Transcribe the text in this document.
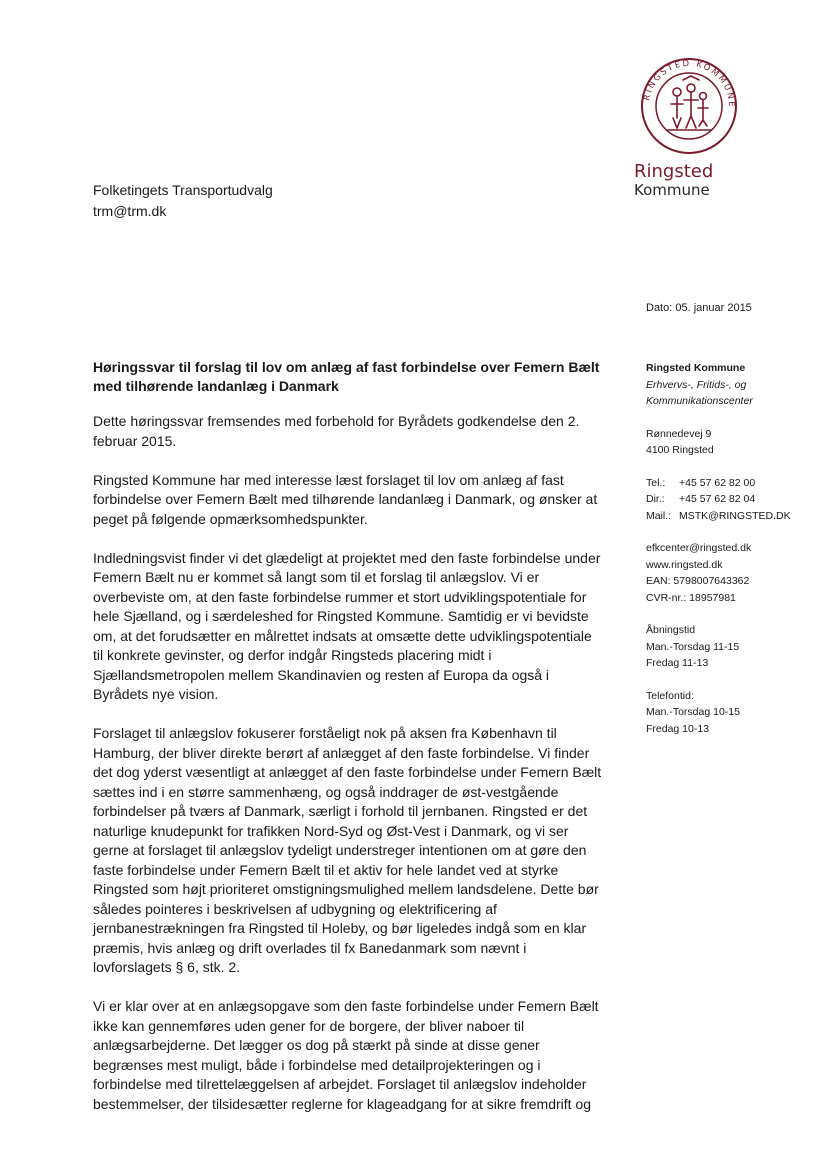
RINGSTED KOMMUNE
Ringsted
Kommune
Folketingets Transportudvalg
trm@trm.dk
Dato: 05. januar 2015
Høringssvar til forslag til lov om anlæg af fast forbindelse over Femern Bælt med tilhørende landanlæg i Danmark

Dette høringssvar fremsendes med forbehold for Byrådets godkendelse den 2. februar 2015.

Ringsted Kommune har med interesse læst forslaget til lov om anlæg af fast forbindelse over Femern Bælt med tilhørende landanlæg i Danmark, og ønsker at peget på følgende opmærksomhedspunkter.

Indledningsvist finder vi det glædeligt at projektet med den faste forbindelse under Femern Bælt nu er kommet så langt som til et forslag til anlægslov. Vi er overbeviste om, at den faste forbindelse rummer et stort udviklingspotentiale for hele Sjælland, og i særdeleshed for Ringsted Kommune. Samtidig er vi bevidste om, at det forudsætter en målrettet indsats at omsætte dette udviklingspotentiale til konkrete gevinster, og derfor indgår Ringsteds placering midt i Sjællandsmetropolen mellem Skandinavien og resten af Europa da også i Byrådets nye vision.

Forslaget til anlægslov fokuserer forståeligt nok på aksen fra København til Hamburg, der bliver direkte berørt af anlægget af den faste forbindelse. Vi finder det dog yderst væsentligt at anlægget af den faste forbindelse under Femern Bælt sættes ind i en større sammenhæng, og også inddrager de øst-vestgående forbindelser på tværs af Danmark, særligt i forhold til jernbanen. Ringsted er det naturlige knudepunkt for trafikken Nord-Syd og Øst-Vest i Danmark, og vi ser gerne at forslaget til anlægslov tydeligt understreger intentionen om at gøre den faste forbindelse under Femern Bælt til et aktiv for hele landet ved at styrke Ringsted som højt prioriteret omstigningsmulighed mellem landsdelene. Dette bør således pointeres i beskrivelsen af udbygning og elektrificering af jernbanestrækningen fra Ringsted til Holeby, og bør ligeledes indgå som en klar præmis, hvis anlæg og drift overlades til fx Banedanmark som nævnt i lovforslagets § 6, stk. 2.

Vi er klar over at en anlægsopgave som den faste forbindelse under Femern Bælt ikke kan gennemføres uden gener for de borgere, der bliver naboer til anlægsarbejderne. Det lægger os dog på stærkt på sinde at disse gener begrænses mest muligt, både i forbindelse med detailprojekteringen og i forbindelse med tilrettelæggelsen af arbejdet. Forslaget til anlægslov indeholder bestemmelser, der tilsidesætter reglerne for klageadgang for at sikre fremdrift og

Ringsted Kommune
Erhvervs-, Fritids-, og
Kommunikationscenter
Rønnedevej 9
4100 Ringsted
Tel.: +45 57 62 82 00
Dir.: +45 57 62 82 04
Mail.: MSTK@RINGSTED.DK
efkcenter@ringsted.dk
www.ringsted.dk
EAN: 5798007643362
CVR-nr.: 18957981
Åbningstid
Man.-Torsdag 11-15
Fredag 11-13
Telefontid:
Man.-Torsdag 10-15
Fredag 10-13
